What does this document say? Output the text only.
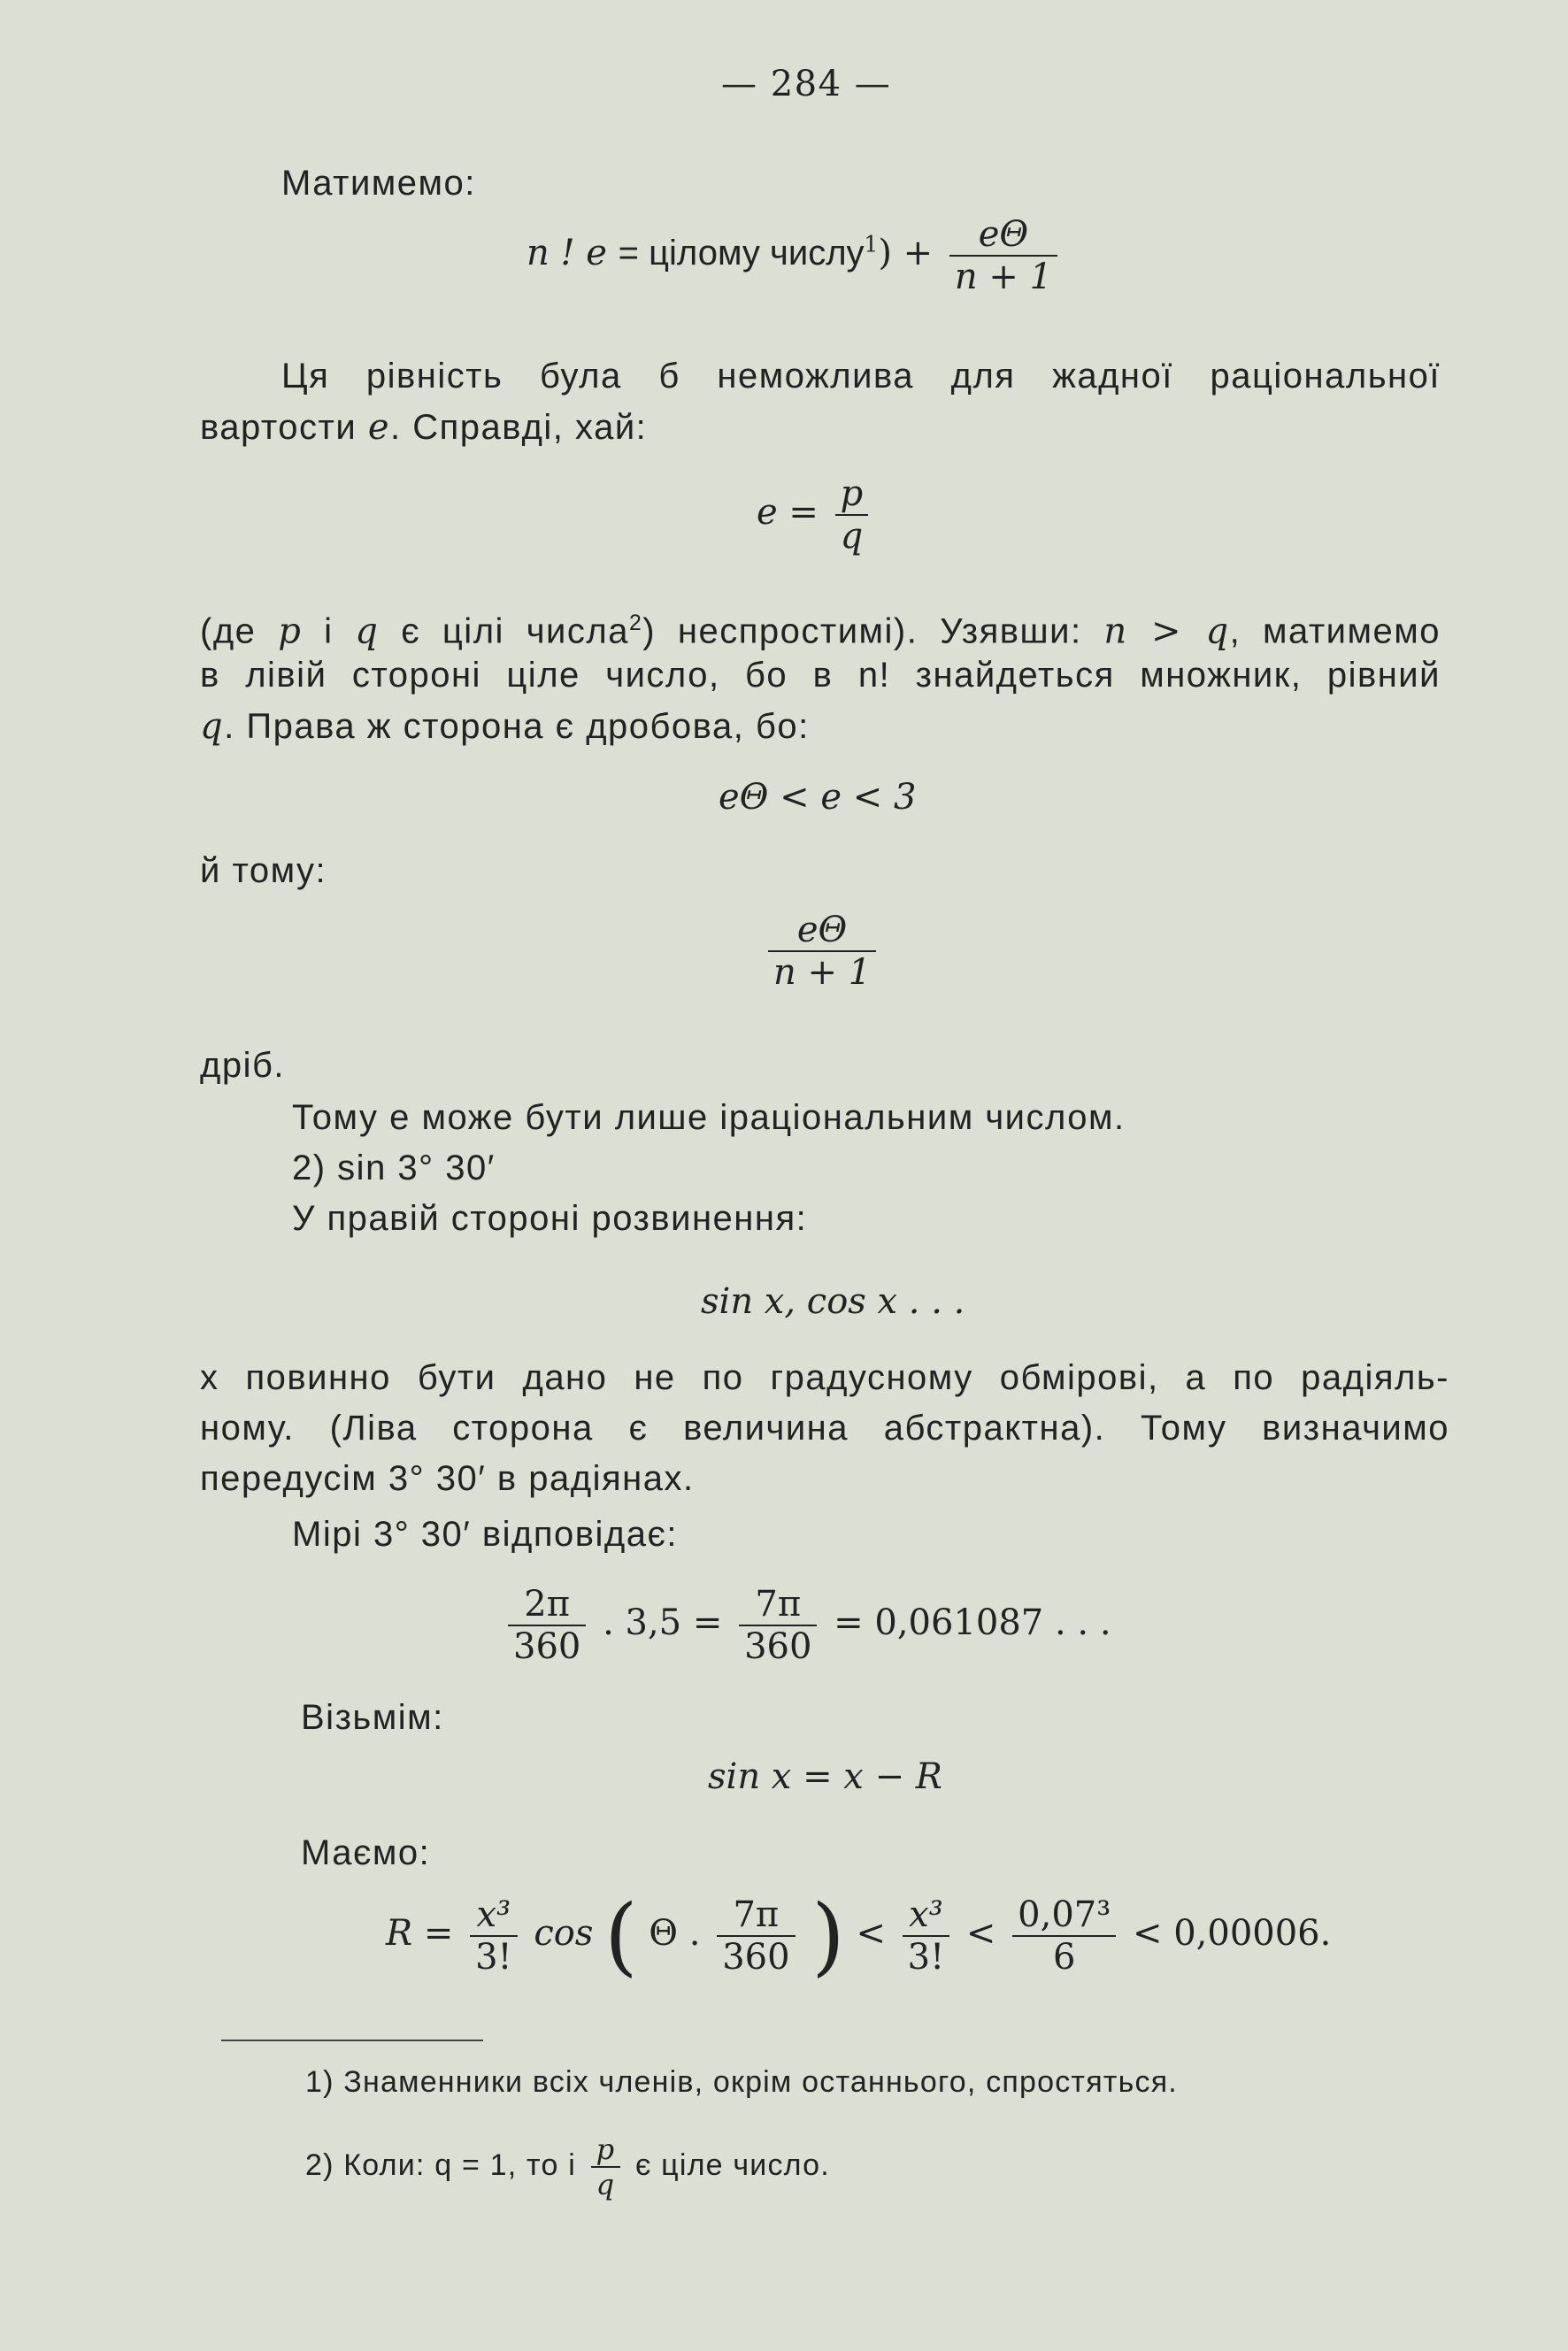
— 284 —
Матимемо:
n ! e = цілому числу$^1$) + $\frac{e\Theta}{n + 1}$
Ця рівність була б неможлива для жадної раціональної
вартости e. Справді, хай:
$e = \frac{p}{q}$
(де p і q є цілі числа$^2$) неспростимі). Узявши: n > q, матимемо
в лівій стороні ціле число, бо в n! знайдеться множник, рівний
q. Права ж сторона є дробова, бо:
eΘ < e < 3
й тому:
$\frac{e\Theta}{n + 1}$
дріб.
Тому e може бути лише іраціональним числом.
2) sin 3° 30′
У правій стороні розвинення:
sin x, cos x . . .
x повинно бути дано не по градусному обмірові, а по радіяль-
ному. (Ліва сторона є величина абстрактна). Тому визначимо
передусім 3° 30′ в радіянах.
Мірі 3° 30′ відповідає:
$\frac{2\pi}{360}$ . $3,5 = \frac{7\pi}{360} = 0,061087$ . . .
Візьмім:
sin x = x − R
Маємо:
$R = \frac{\text{x³}}{3!}$ cos ( Θ . $\frac{7\pi}{360}$ ) < $\frac{\text{x³}}{3!} < \frac{\text{0,07³}}{6} < 0,00006$.
1) Знаменники всіх членів, окрім останнього, спростяться.
2) Коли: q = 1, то і $\frac{p}{q}$ є ціле число.
